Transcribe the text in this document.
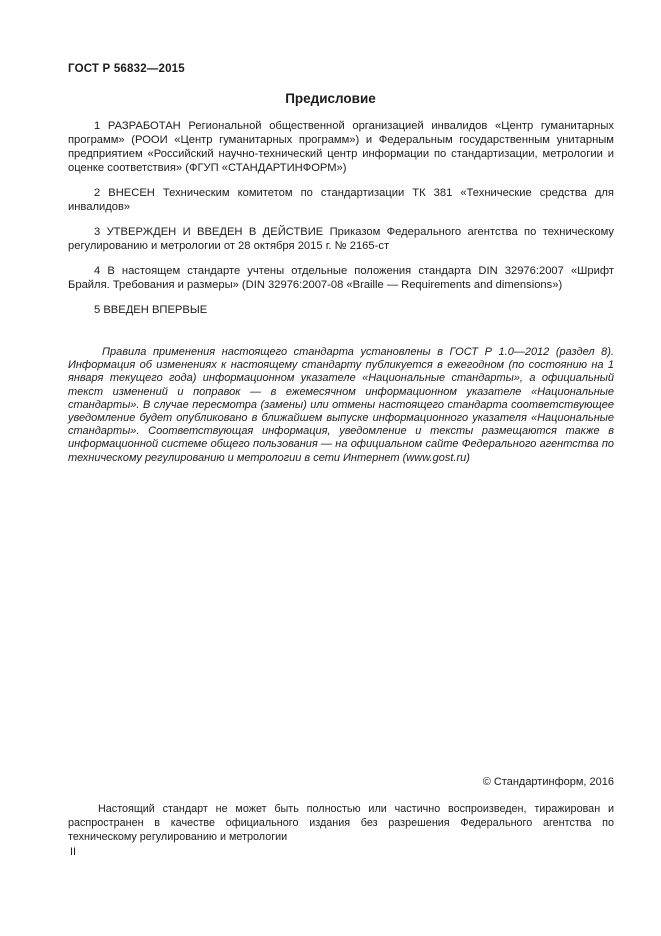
ГОСТ Р 56832—2015
Предисловие

1 РАЗРАБОТАН Региональной общественной организацией инвалидов «Центр гуманитарных программ» (РООИ «Центр гуманитарных программ») и Федеральным государственным унитарным предприятием «Российский научно-технический центр информации по стандартизации, метрологии и оценке соответствия» (ФГУП «СТАНДАРТИНФОРМ»)

2 ВНЕСЕН Техническим комитетом по стандартизации ТК 381 «Технические средства для инвалидов»

3 УТВЕРЖДЕН И ВВЕДЕН В ДЕЙСТВИЕ Приказом Федерального агентства по техническому регулированию и метрологии от 28 октября 2015 г. № 2165-ст

4 В настоящем стандарте учтены отдельные положения стандарта DIN 32976:2007 «Шрифт Брайля. Требования и размеры» (DIN 32976:2007-08 «Braille — Requirements and dimensions»)

5 ВВЕДЕН ВПЕРВЫЕ

Правила применения настоящего стандарта установлены в ГОСТ Р 1.0—2012 (раздел 8). Информация об изменениях к настоящему стандарту публикуется в ежегодном (по состоянию на 1 января текущего года) информационном указателе «Национальные стандарты», а официальный текст изменений и поправок — в ежемесячном информационном указателе «Национальные стандарты». В случае пересмотра (замены) или отмены настоящего стандарта соответствующее уведомление будет опубликовано в ближайшем выпуске информационного указателя «Национальные стандарты». Соответствующая информация, уведомление и тексты размещаются также в информационной системе общего пользования — на официальном сайте Федерального агентства по техническому регулированию и метрологии в сети Интернет (www.gost.ru)

© Стандартинформ, 2016

Настоящий стандарт не может быть полностью или частично воспроизведен, тиражирован и распространен в качестве официального издания без разрешения Федерального агентства по техническому регулированию и метрологии

II
